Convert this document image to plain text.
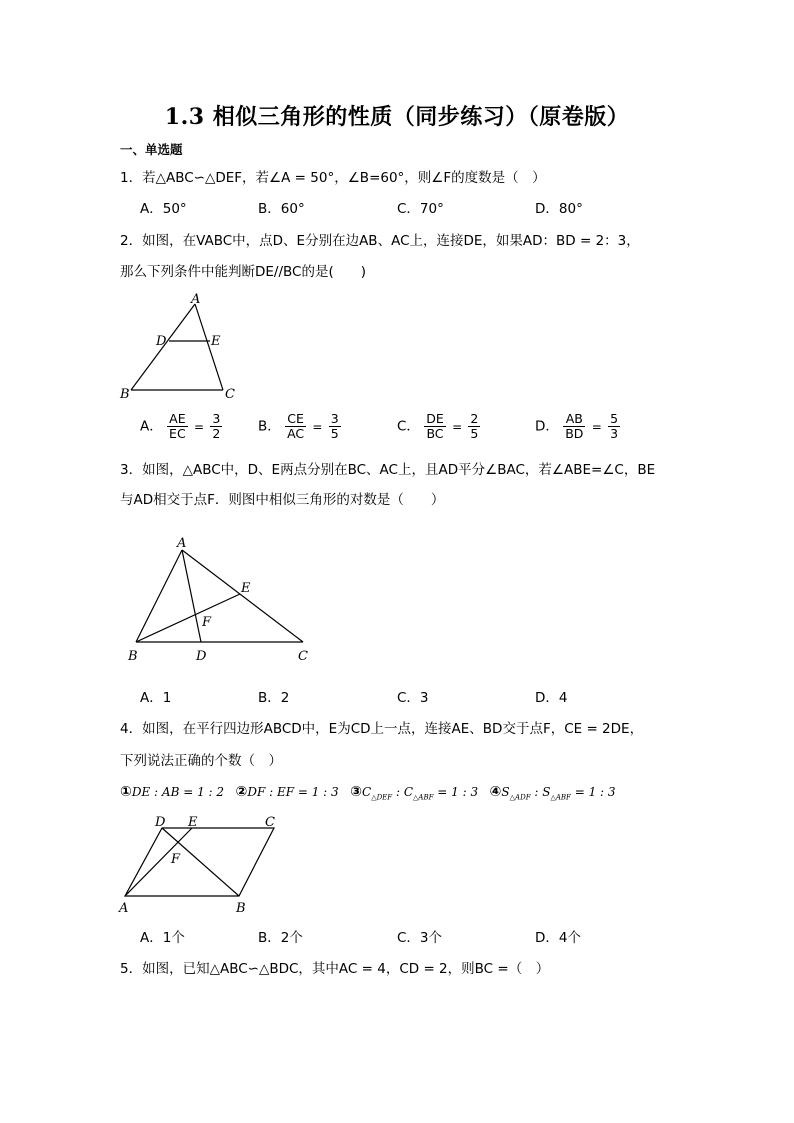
1.3 相似三角形的性质（同步练习）（原卷版）
一、单选题
1．若△ABC∽△DEF，若∠A = 50°，∠B=60°，则∠F的度数是（　）
A．50°	B．60°	C．70°	D．80°
2．如图，在VABC中，点D、E分别在边AB、AC上，连接DE，如果AD：BD = 2：3，
那么下列条件中能判断DE//BC的是(　　)
A
D	E
B	C
A． $\frac{AE}{EC} = \frac{3}{2}$	B． $\frac{CE}{AC} = \frac{3}{5}$	C． $\frac{DE}{BC} = \frac{2}{5}$	D． $\frac{AB}{BD} = \frac{5}{3}$
3．如图，△ABC中，D、E两点分别在BC、AC上，且AD平分∠BAC，若∠ABE=∠C，BE
与AD相交于点F．则图中相似三角形的对数是（　　）
A
E
F
B	D	C
A．1	B．2	C．3	D．4
4．如图，在平行四边形ABCD中，E为CD上一点，连接AE、BD交于点F，CE = 2DE，
下列说法正确的个数（　）
①DE : AB = 1 : 2 ②DF : EF = 1 : 3 $③C_{\triangle DEF}$ : $C_{\triangle ABF} = 1$ : 3 $④S_{\triangle ADF}$ : $S_{\triangle ABF} = 1$ : 3
D E	C
F
A	B
A．1个	B．2个	C．3个	D．4个
5．如图，已知△ABC∽△BDC，其中AC = 4，CD = 2，则BC =（　）
